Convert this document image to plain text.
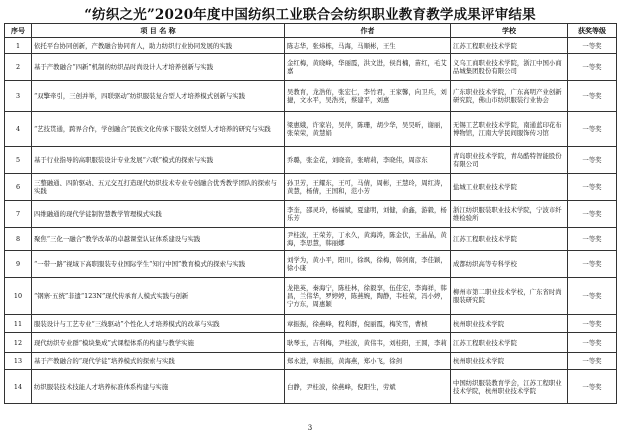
“纺织之光”2020年度中国纺织工业联合会纺织职业教育教学成果评审结果
序号	项 目 名 称	作者	学校	获奖等级
1	依托平台协同创新，产教融合协同育人，助力纺织行业协同发展的实践	陈志华，张炜栋，马海，马顺彬，王生	江苏工程职业技术学院	一等奖
2	基于产教融合“四新”机制的纺织品时尚设计人才培养创新与实践	金红梅，黄晓峰，华丽霞，洪文进，侯肖楠，苗红，毛艾嘉	义乌工商职业技术学院，浙江中国小商品城集团股份有限公司	一等奖
3	“双擎牵引，三创并举，四联驱动”纺织服装复合型人才培养模式创新与实践	吴教育，龙浩佑，张宏仁，李竹君，王家馨，向卫兵，刘捷，文水平，吴浩亮，蔡建平，刘惠	广东职业技术学院，广东高明产业创新研究院，佛山市纺织服装行业协会	一等奖
4	“艺技贯通，跨界合作，学创融合”民族文化传承下服装文创型人才培养的研究与实践	梁惠娥，许家岩，吴萍，陈珊，胡少华，吴昊昕，谢丽，张荣荣，黄慧娟	无锡工艺职业技术学院，南通蓝印花布博物馆，江南大学民间服饰传习馆	一等奖
5	基于行业指导的高职服装设计专业发展“六联”模式的探索与实践	乔璐，张金花，刘晓音，张晴莉，李晓伟，周彦东	青岛职业技术学院，青岛酷特智能股份有限公司	一等奖
6	三整融通、四阶驱动、五元交互打造现代纺织技术专业专创融合优秀教学团队的探索与实践	孙卫芳，王耀东，王可，马倩，周彬，王慧玲，周红涛，黄慧，杨倩，王国和，范小芳	盐城工业职业技术学院	一等奖
7	四维融通的现代学徒制智慧教学管理模式实践	李奎，邵灵玲，杨福斌，夏建明，刘健，俞鑫，游毅，杨乐芳	浙江纺织服装职业技术学院，宁波市纤维检验所	一等奖
8	聚焦“三化一融合”教学改革的卓越课堂认证体系建设与实践	尹桂波，王荣芳，丁永久，黄海涛，陈金伏，王晶晶，黄海，李思慧，韩丽娜	江苏工程职业技术学院	一等奖
9	“一带一路”视域下高职服装专业国际学生“知行中国”教育模式的探索与实践	刘学为，黄小平，阳川，徐飒，徐梅，韩剑南，李佳颖，徐小康	成都纺织高等专科学校	一等奖
10	“钢寨·五统”非遗“123N”现代传承育人模式实践与创新	龙艳英，秦海宁，陈桂林，徐毅享，伍佳宏，李海祥，韩昌，兰伟华，罗婷婷，陈燕婉，陶静，韦桂荣，冯小婷，宁方东，周惠颖	柳州市第二职业技术学校，广东省时尚服装研究院	一等奖
11	服装设计与工艺专业“三线驱动”个性化人才培养模式的改革与实践	章振振，徐燕峰，程利群，倪丽霞，梅笑雪，曹桢	杭州职业技术学院	一等奖
12	现代纺织专业群“模块集成”式课程体系的构建与教学实施	耿琴玉，吉利梅，尹桂波，黄伟韦，刘桂阳，王圆，李莉	江苏工程职业技术学院	一等奖
13	基于产教融合的“现代学徒”培养模式的探索与实践	郑永进，章振振，黄海燕，郑小飞，徐剑	杭州职业技术学院	一等奖
14	纺织服装技术技能人才培养标准体系构建与实施	白静，尹桂波，徐燕峰，倪阳生，劳斌	中国纺织服装教育学会，江苏工程职业技术学院，杭州职业技术学院	一等奖
3
